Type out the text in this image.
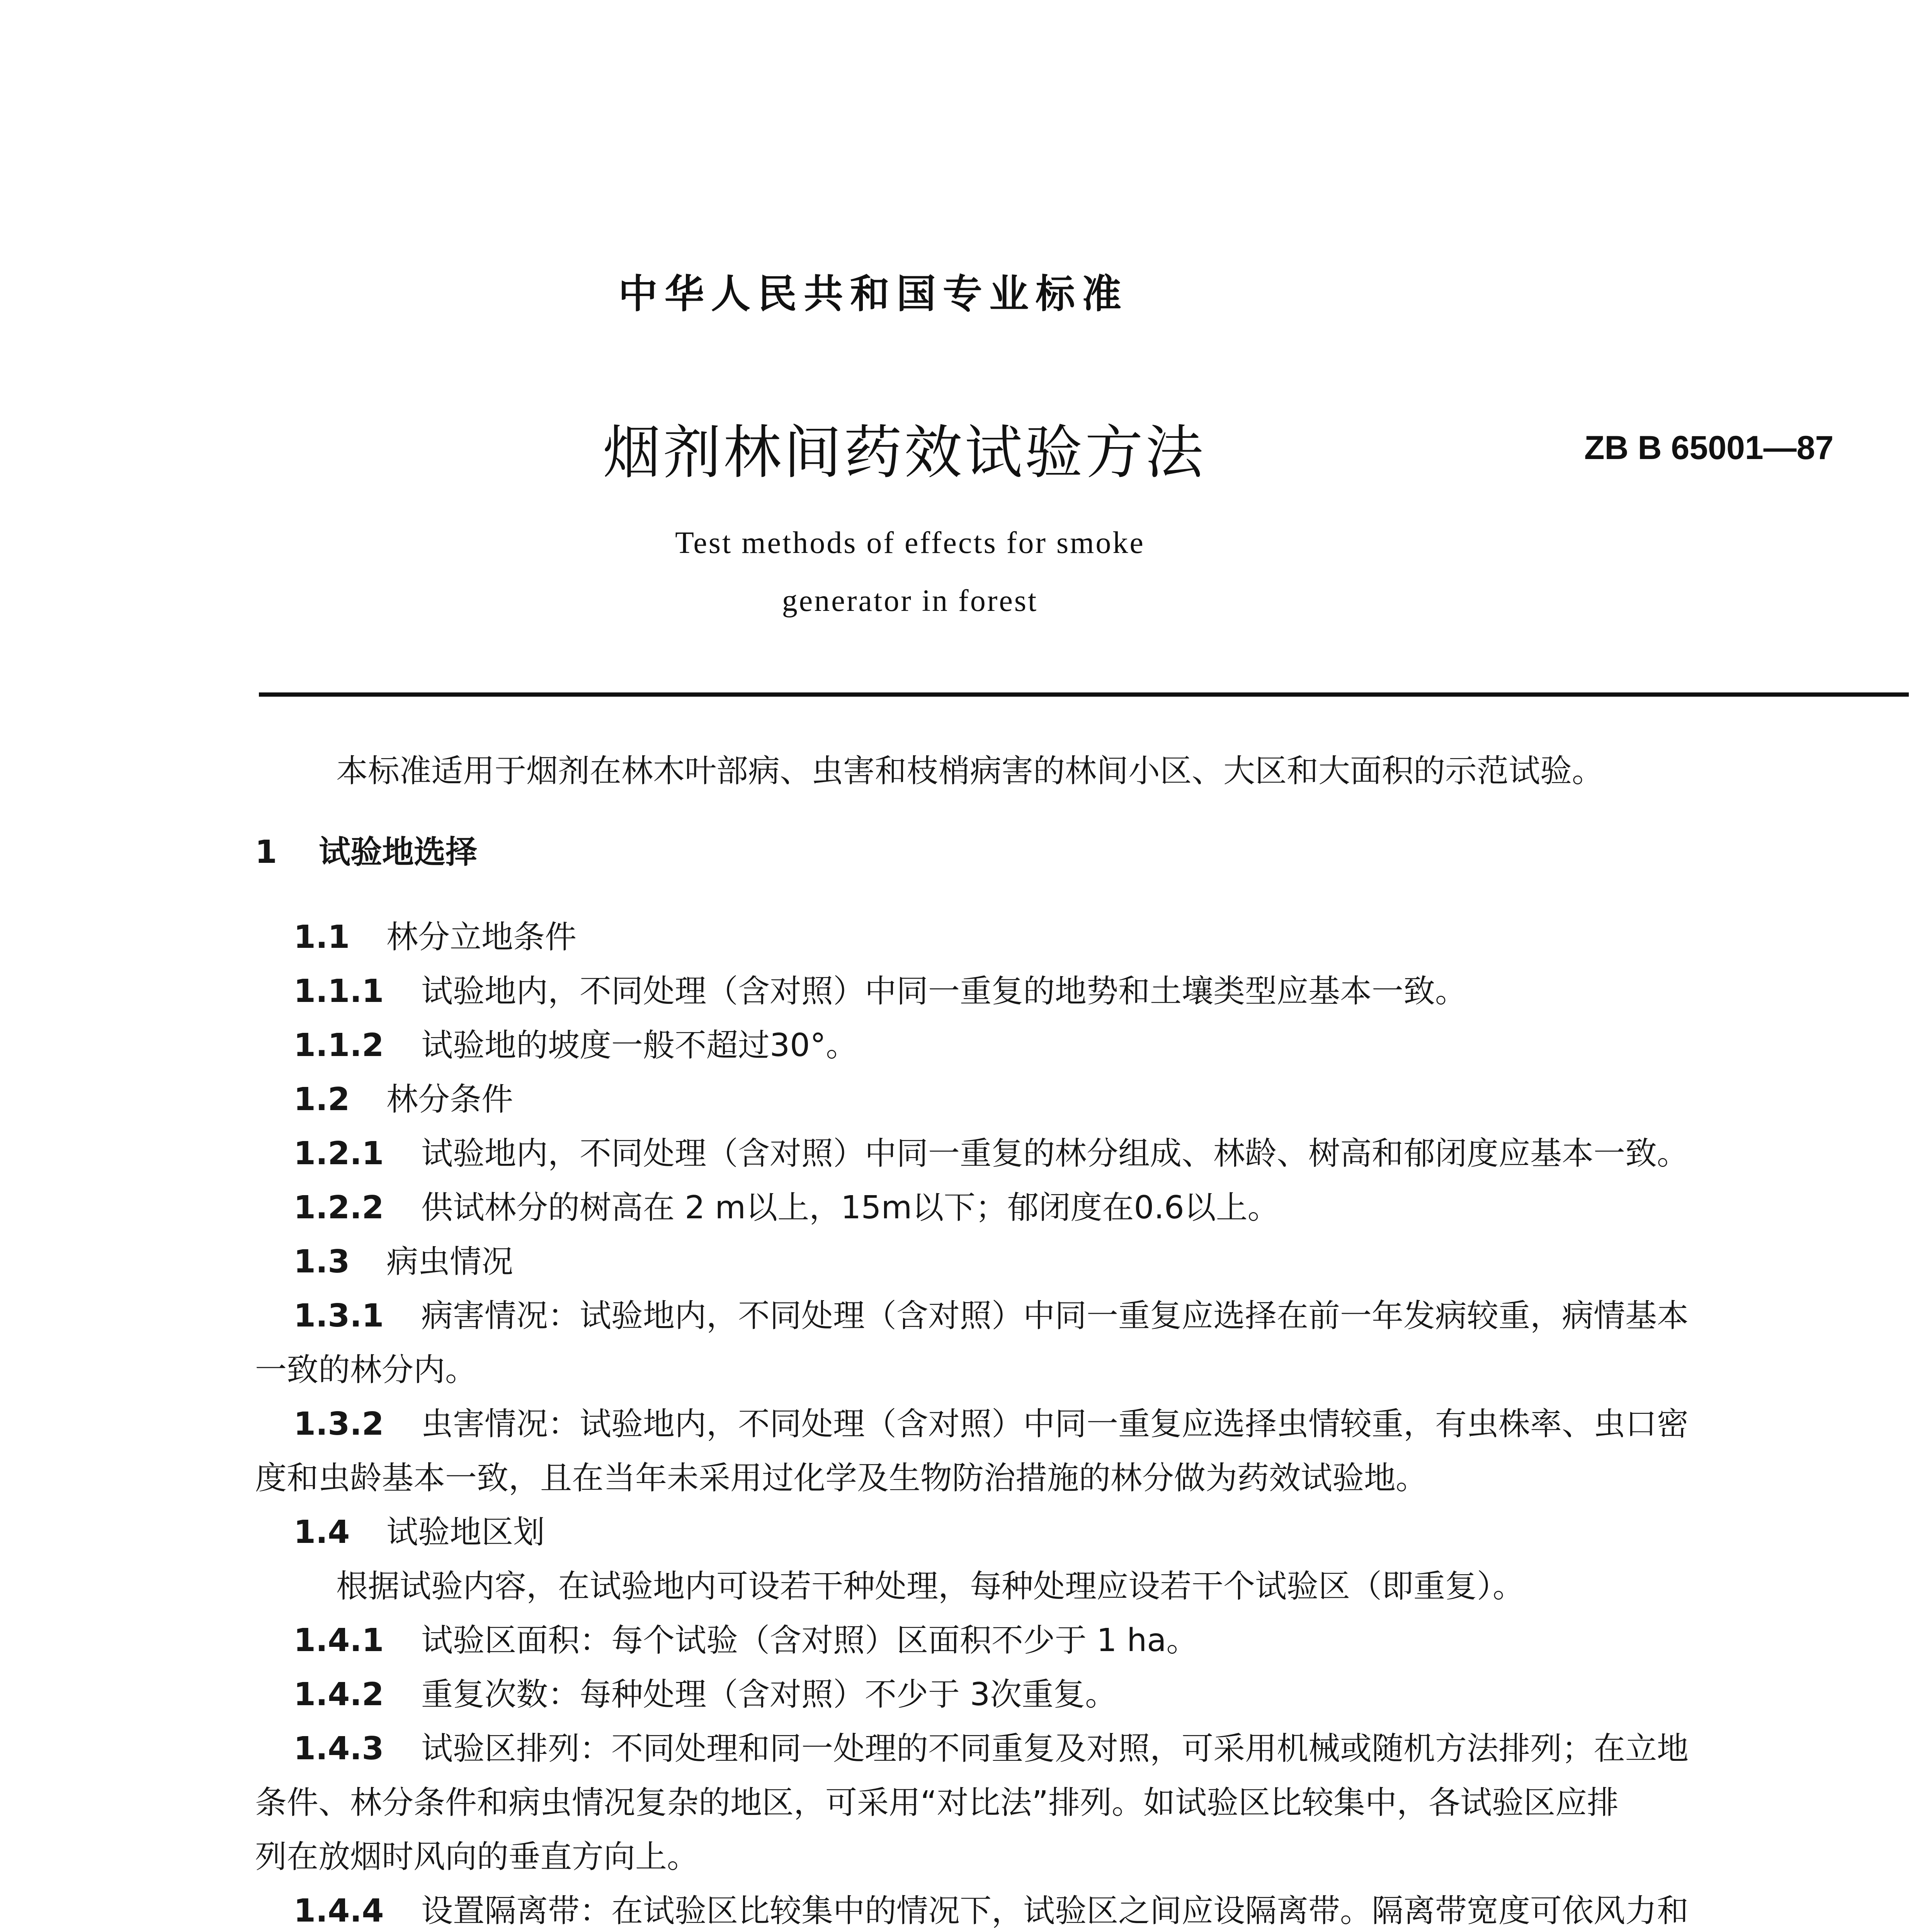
中华人民共和国专业标准
烟剂林间药效试验方法	ZB B 65001—87
Test methods of effects for smoke
generator in forest
本标准适用于烟剂在林木叶部病、虫害和枝梢病害的林间小区、大区和大面积的示范试验。
1 试验地选择
1.1 林分立地条件
1.1.1 试验地内，不同处理（含对照）中同一重复的地势和土壤类型应基本一致。
1.1.2 试验地的坡度一般不超过30°。
1.2 林分条件
1.2.1 试验地内，不同处理（含对照）中同一重复的林分组成、林龄、树高和郁闭度应基本一致。
1.2.2 供试林分的树高在 2 m以上，15m以下；郁闭度在0.6以上。
1.3 病虫情况
1.3.1 病害情况：试验地内，不同处理（含对照）中同一重复应选择在前一年发病较重，病情基本
一致的林分内。
1.3.2 虫害情况：试验地内，不同处理（含对照）中同一重复应选择虫情较重，有虫株率、虫口密
度和虫龄基本一致，且在当年未采用过化学及生物防治措施的林分做为药效试验地。
1.4 试验地区划
根据试验内容，在试验地内可设若干种处理，每种处理应设若干个试验区（即重复）。
1.4.1 试验区面积：每个试验（含对照）区面积不少于 1 ha。
1.4.2 重复次数：每种处理（含对照）不少于 3次重复。
1.4.3 试验区排列：不同处理和同一处理的不同重复及对照，可采用机械或随机方法排列；在立地
条件、林分条件和病虫情况复杂的地区，可采用“对比法”排列。如试验区比较集中，各试验区应排
列在放烟时风向的垂直方向上。
1.4.4 设置隔离带：在试验区比较集中的情况下，试验区之间应设隔离带。隔离带宽度可依风力和
